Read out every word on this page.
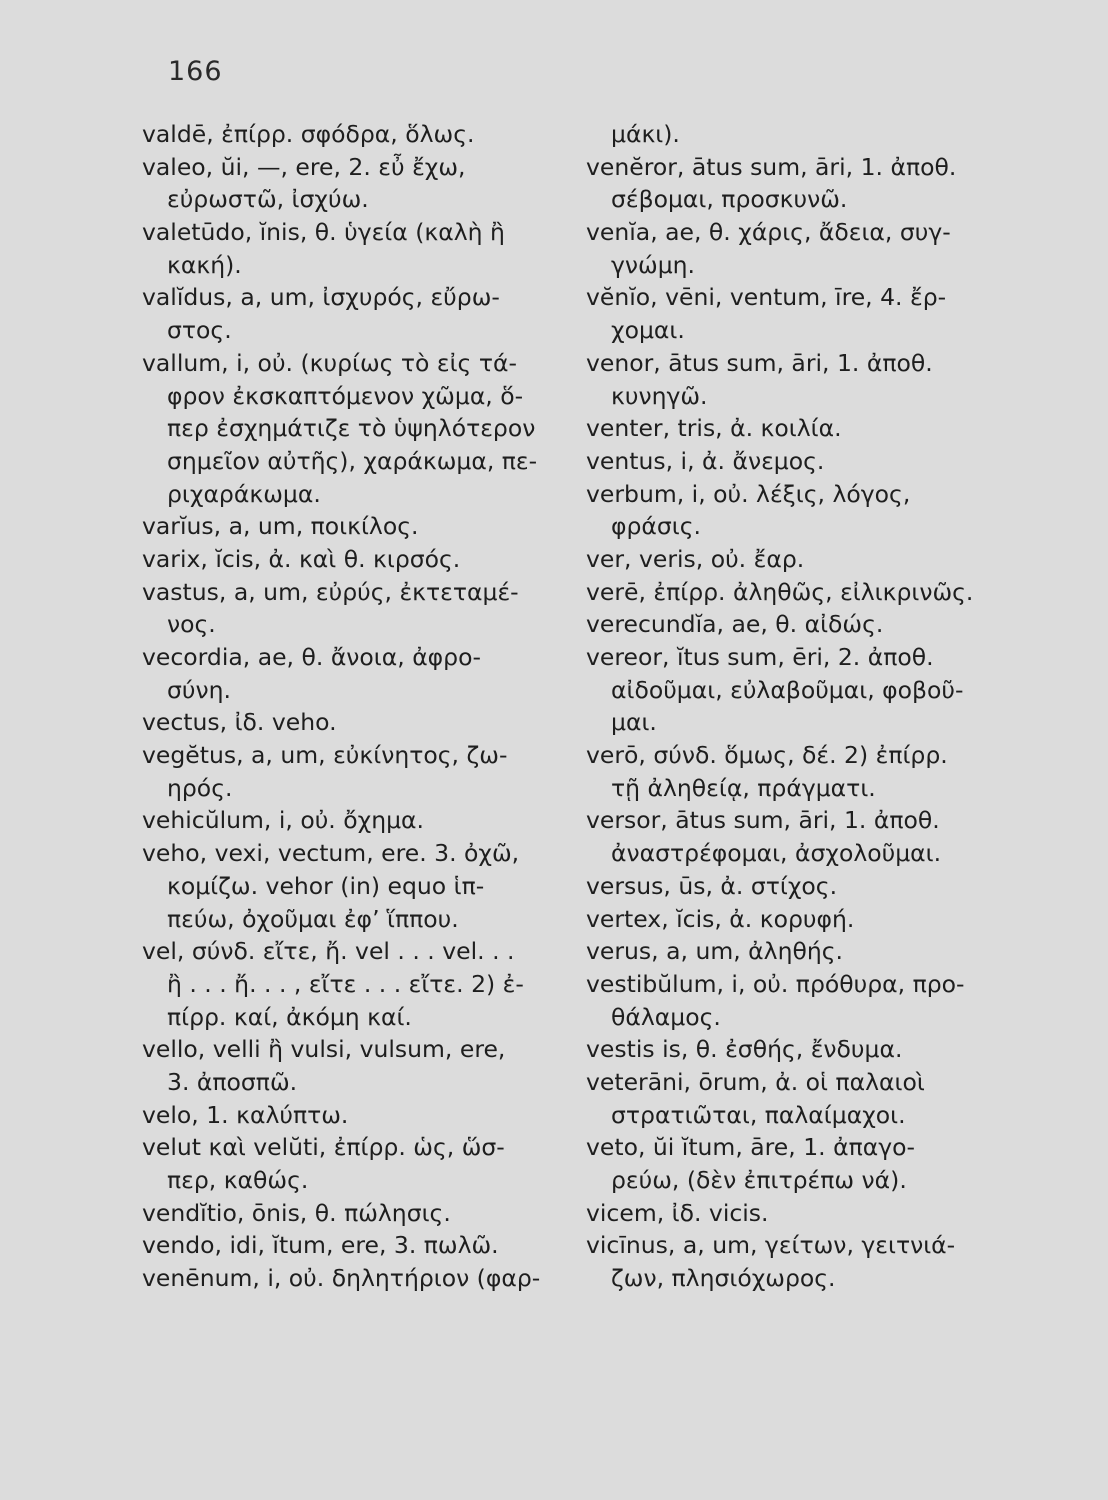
166
valdē, ἐπίρρ. σφόδρα, ὅλως.
valeo, ŭi, —, ere, 2. εὖ ἔχω,
εὐρωστῶ, ἰσχύω.
valetūdo, ĭnis, θ. ὑγεία (καλὴ ἢ
κακή).
valĭdus, a, um, ἰσχυρός, εὔρω-
στος.
vallum, i, οὐ. (κυρίως τὸ εἰς τά-
φρον ἐκσκαπτόμενον χῶμα, ὅ-
περ ἐσχημάτιζε τὸ ὑψηλότερον
σημεῖον αὐτῆς), χαράκωμα, πε-
ριχαράκωμα.
varĭus, a, um, ποικίλος.
varix, ĭcis, ἀ. καὶ θ. κιρσός.
vastus, a, um, εὐρύς, ἐκτεταμέ-
νος.
vecordia, ae, θ. ἄνοια, ἀφρο-
σύνη.
vectus, ἰδ. veho.
vegĕtus, a, um, εὐκίνητος, ζω-
ηρός.
vehicŭlum, i, οὐ. ὄχημα.
veho, vexi, vectum, ere. 3. ὀχῶ,
κομίζω. vehor (in) equo ἱπ-
πεύω, ὀχοῦμαι ἐφ’ ἵππου.
vel, σύνδ. εἴτε, ἤ. vel . . . vel. . .
ἢ . . . ἤ. . . , εἴτε . . . εἴτε. 2) ἐ-
πίρρ. καί, ἀκόμη καί.
vello, velli ἢ vulsi, vulsum, ere,
3. ἀποσπῶ.
velo, 1. καλύπτω.
velut καὶ velŭti, ἐπίρρ. ὡς, ὥσ-
περ, καθώς.
vendĭtio, ōnis, θ. πώλησις.
vendo, idi, ĭtum, ere, 3. πωλῶ.
venēnum, i, οὐ. δηλητήριον (φαρ-
μάκι).
venĕror, ātus sum, āri, 1. ἀποθ.
σέβομαι, προσκυνῶ.
venĭa, ae, θ. χάρις, ἄδεια, συγ-
γνώμη.
vĕnĭo, vēni, ventum, īre, 4. ἔρ-
χομαι.
venor, ātus sum, āri, 1. ἀποθ.
κυνηγῶ.
venter, tris, ἀ. κοιλία.
ventus, i, ἀ. ἄνεμος.
verbum, i, οὐ. λέξις, λόγος,
φράσις.
ver, veris, οὐ. ἔαρ.
verē, ἐπίρρ. ἀληθῶς, εἰλικρινῶς.
verecundĭa, ae, θ. αἰδώς.
vereor, ĭtus sum, ēri, 2. ἀποθ.
αἰδοῦμαι, εὐλαβοῦμαι, φοβοῦ-
μαι.
verō, σύνδ. ὅμως, δέ. 2) ἐπίρρ.
τῇ ἀληθείᾳ, πράγματι.
versor, ātus sum, āri, 1. ἀποθ.
ἀναστρέφομαι, ἀσχολοῦμαι.
versus, ūs, ἀ. στίχος.
vertex, ĭcis, ἀ. κορυφή.
verus, a, um, ἀληθής.
vestibŭlum, i, οὐ. πρόθυρα, προ-
θάλαμος.
vestis is, θ. ἐσθής, ἔνδυμα.
veterāni, ōrum, ἀ. οἱ παλαιοὶ
στρατιῶται, παλαίμαχοι.
veto, ŭi ĭtum, āre, 1. ἀπαγο-
ρεύω, (δὲν ἐπιτρέπω νά).
vicem, ἰδ. vicis.
vicīnus, a, um, γείτων, γειτνιά-
ζων, πλησιόχωρος.
